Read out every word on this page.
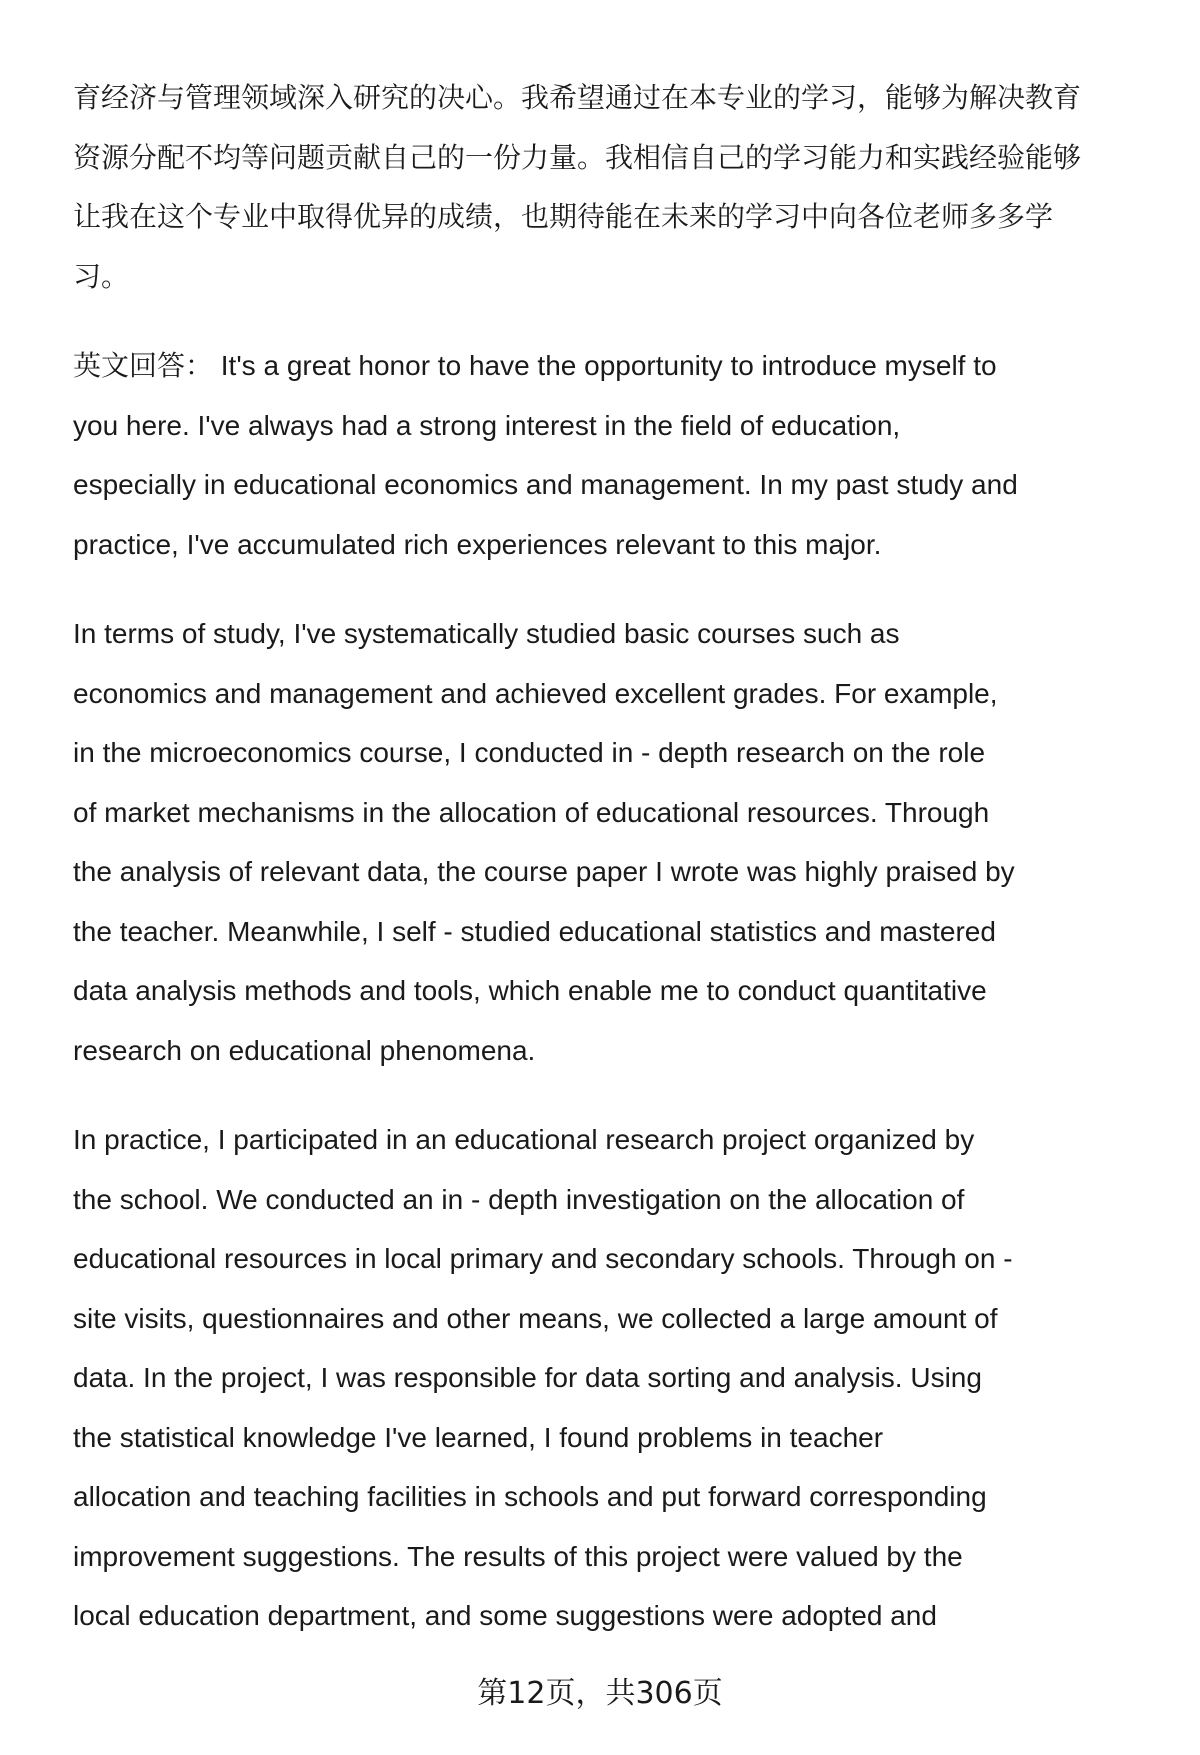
育经济与管理领域深入研究的决心。我希望通过在本专业的学习，能够为解决教育
资源分配不均等问题贡献自己的一份力量。我相信自己的学习能力和实践经验能够
让我在这个专业中取得优异的成绩，也期待能在未来的学习中向各位老师多多学
习。
英文回答： It's a great honor to have the opportunity to introduce myself to
you here. I've always had a strong interest in the field of education,
especially in educational economics and management. In my past study and
practice, I've accumulated rich experiences relevant to this major.
In terms of study, I've systematically studied basic courses such as
economics and management and achieved excellent grades. For example,
in the microeconomics course, I conducted in - depth research on the role
of market mechanisms in the allocation of educational resources. Through
the analysis of relevant data, the course paper I wrote was highly praised by
the teacher. Meanwhile, I self - studied educational statistics and mastered
data analysis methods and tools, which enable me to conduct quantitative
research on educational phenomena.
In practice, I participated in an educational research project organized by
the school. We conducted an in - depth investigation on the allocation of
educational resources in local primary and secondary schools. Through on -
site visits, questionnaires and other means, we collected a large amount of
data. In the project, I was responsible for data sorting and analysis. Using
the statistical knowledge I've learned, I found problems in teacher
allocation and teaching facilities in schools and put forward corresponding
improvement suggestions. The results of this project were valued by the
local education department, and some suggestions were adopted and
第12页，共306页
